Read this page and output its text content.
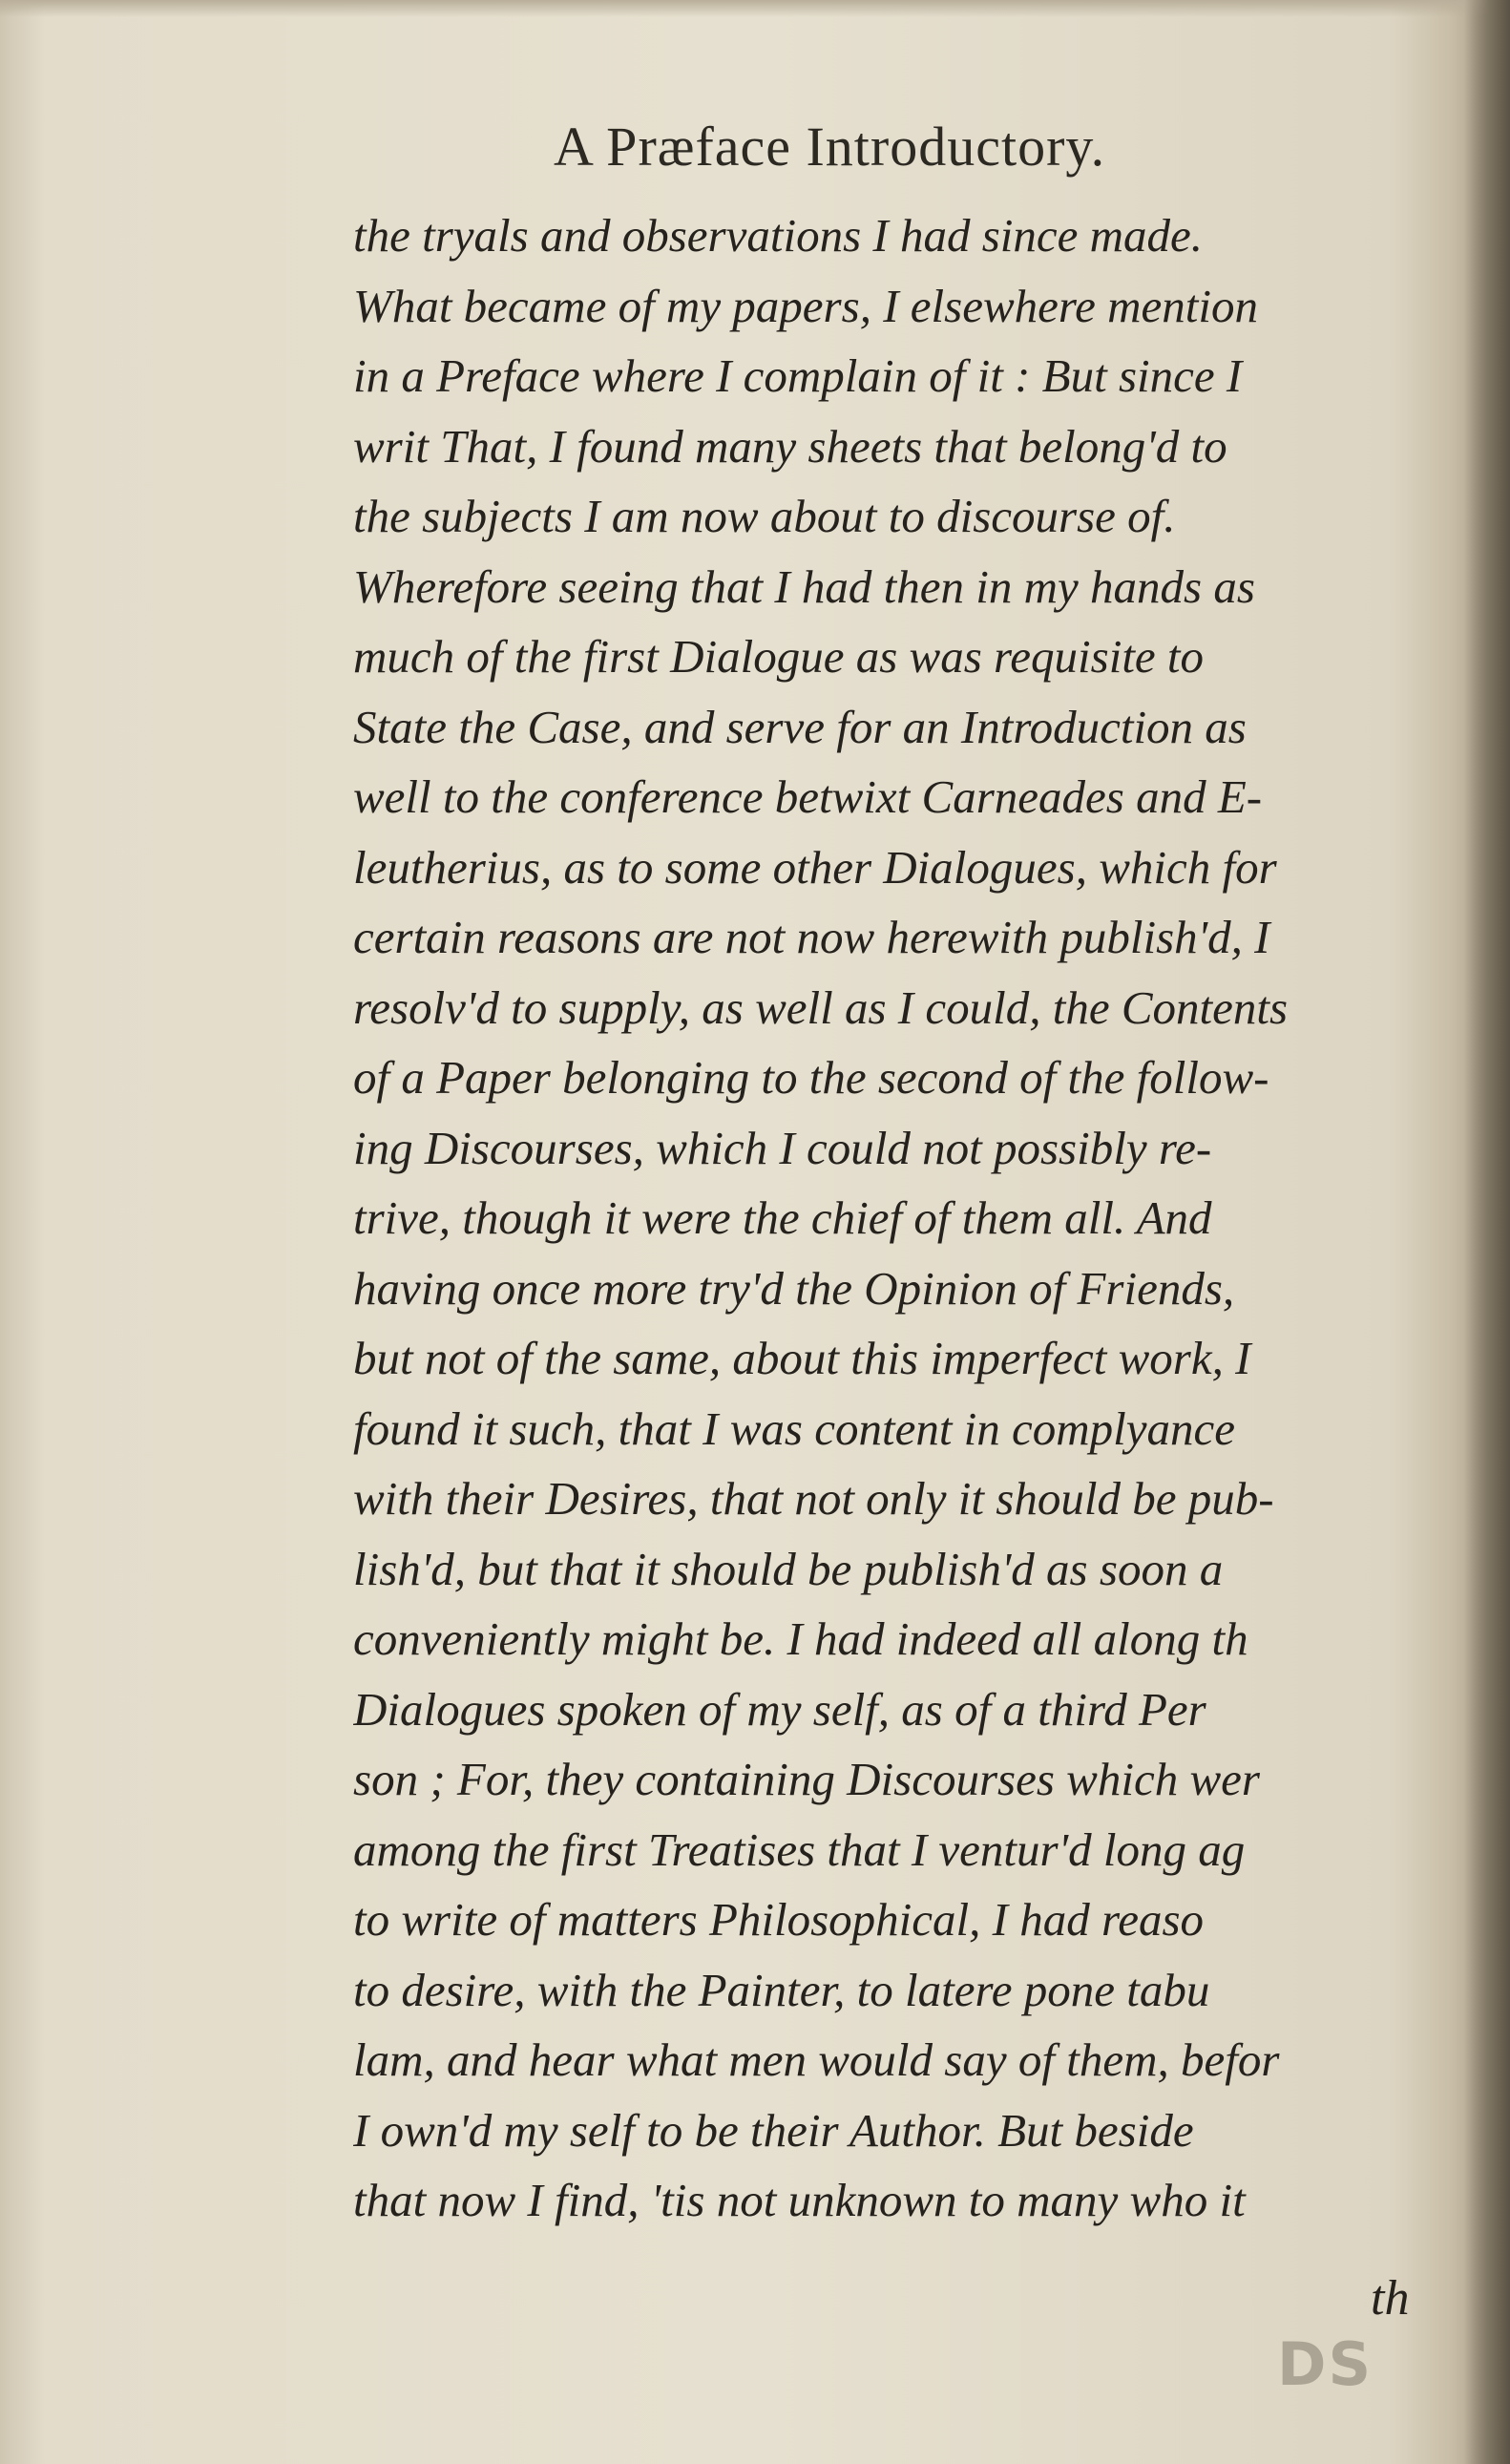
A Præface Introductory.
the tryals and observations I had since made.
What became of my papers, I elsewhere mention
in a Preface where I complain of it : But since I
writ That, I found many sheets that belong'd to
the subjects I am now about to discourse of.
Wherefore seeing that I had then in my hands as
much of the first Dialogue as was requisite to
State the Case, and serve for an Introduction as
well to the conference betwixt Carneades and E-
leutherius, as to some other Dialogues, which for
certain reasons are not now herewith publish'd, I
resolv'd to supply, as well as I could, the Contents
of a Paper belonging to the second of the follow-
ing Discourses, which I could not possibly re-
trive, though it were the chief of them all. And
having once more try'd the Opinion of Friends,
but not of the same, about this imperfect work, I
found it such, that I was content in complyance
with their Desires, that not only it should be pub-
lish'd, but that it should be publish'd as soon a
conveniently might be. I had indeed all along th
Dialogues spoken of my self, as of a third Per
son ; For, they containing Discourses which wer
among the first Treatises that I ventur'd long ag
to write of matters Philosophical, I had reaso
to desire, with the Painter, to latere pone tabu
lam, and hear what men would say of them, befor
I own'd my self to be their Author. But beside
that now I find, 'tis not unknown to many who it
th
DS
